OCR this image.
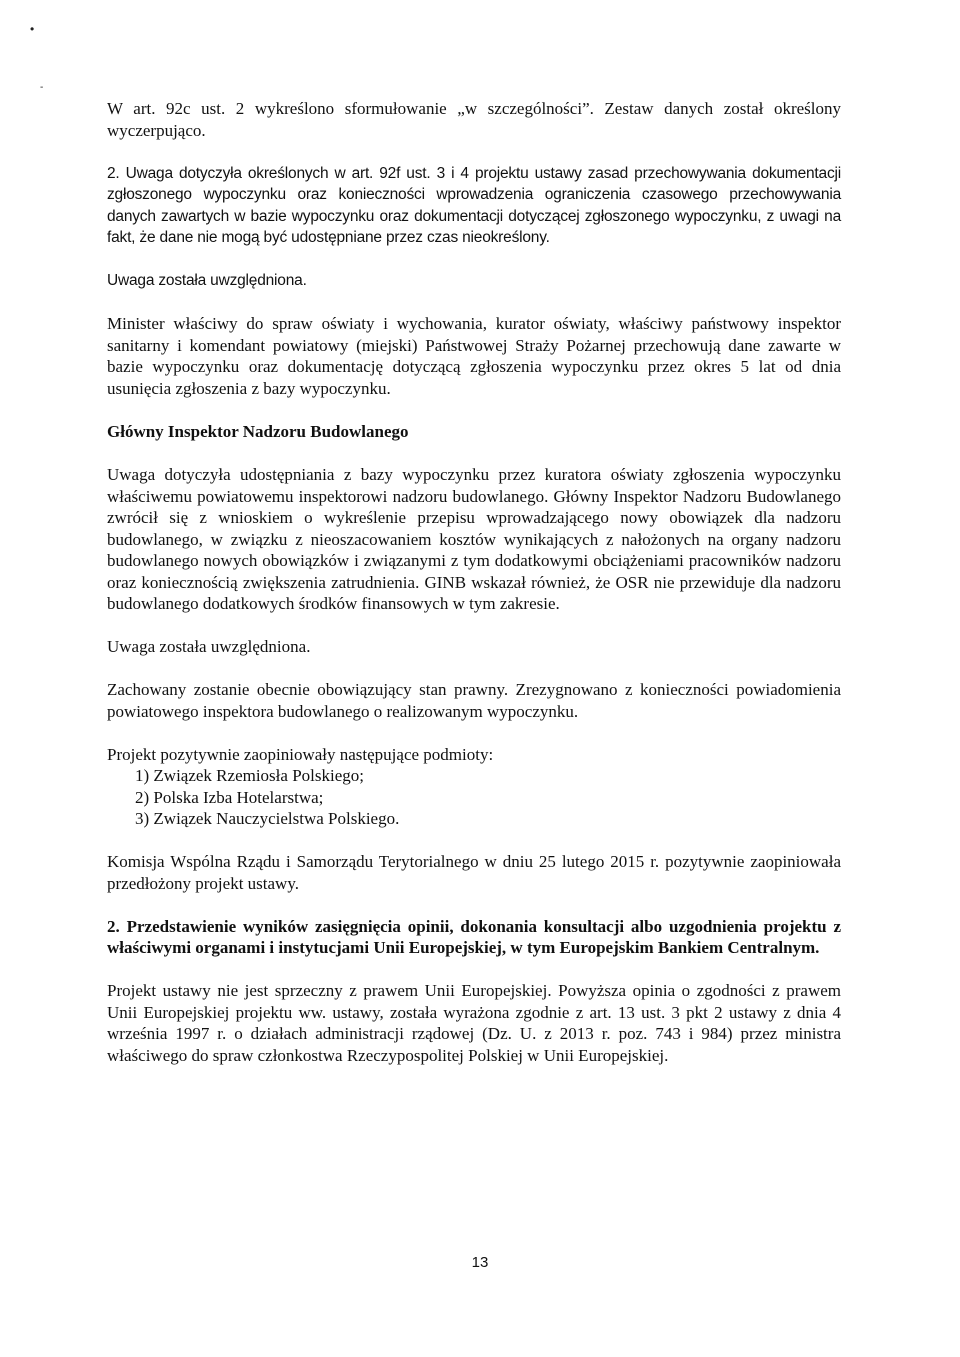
•
-

W art. 92c ust. 2 wykreślono sformułowanie „w szczególności”. Zestaw danych został określony wyczerpująco.

2. Uwaga dotyczyła określonych w art. 92f ust. 3 i 4 projektu ustawy zasad przechowywania dokumentacji zgłoszonego wypoczynku oraz konieczności wprowadzenia ograniczenia czasowego przechowywania danych zawartych w bazie wypoczynku oraz dokumentacji dotyczącej zgłoszonego wypoczynku, z uwagi na fakt, że dane nie mogą być udostępniane przez czas nieokreślony.

Uwaga została uwzględniona.

Minister właściwy do spraw oświaty i wychowania, kurator oświaty, właściwy państwowy inspektor sanitarny i komendant powiatowy (miejski) Państwowej Straży Pożarnej przechowują dane zawarte w bazie wypoczynku oraz dokumentację dotyczącą zgłoszenia wypoczynku przez okres 5 lat od dnia usunięcia zgłoszenia z bazy wypoczynku.

Główny Inspektor Nadzoru Budowlanego

Uwaga dotyczyła udostępniania z bazy wypoczynku przez kuratora oświaty zgłoszenia wypoczynku właściwemu powiatowemu inspektorowi nadzoru budowlanego. Główny Inspektor Nadzoru Budowlanego zwrócił się z wnioskiem o wykreślenie przepisu wprowadzającego nowy obowiązek dla nadzoru budowlanego, w związku z nieoszacowaniem kosztów wynikających z nałożonych na organy nadzoru budowlanego nowych obowiązków i związanymi z tym dodatkowymi obciążeniami pracowników nadzoru oraz koniecznością zwiększenia zatrudnienia. GINB wskazał również, że OSR nie przewiduje dla nadzoru budowlanego dodatkowych środków finansowych w tym zakresie.

Uwaga została uwzględniona.

Zachowany zostanie obecnie obowiązujący stan prawny. Zrezygnowano z konieczności powiadomienia powiatowego inspektora budowlanego o realizowanym wypoczynku.

Projekt pozytywnie zaopiniowały następujące podmioty:
1) Związek Rzemiosła Polskiego;
2) Polska Izba Hotelarstwa;
3) Związek Nauczycielstwa Polskiego.

Komisja Wspólna Rządu i Samorządu Terytorialnego w dniu 25 lutego 2015 r. pozytywnie zaopiniowała przedłożony projekt ustawy.

2. Przedstawienie wyników zasięgnięcia opinii, dokonania konsultacji albo uzgodnienia projektu z właściwymi organami i instytucjami Unii Europejskiej, w tym Europejskim Bankiem Centralnym.

Projekt ustawy nie jest sprzeczny z prawem Unii Europejskiej. Powyższa opinia o zgodności z prawem Unii Europejskiej projektu ww. ustawy, została wyrażona zgodnie z art. 13 ust. 3 pkt 2 ustawy z dnia 4 września 1997 r. o działach administracji rządowej (Dz. U. z 2013 r. poz. 743 i 984) przez ministra właściwego do spraw członkostwa Rzeczypospolitej Polskiej w Unii Europejskiej.

13
